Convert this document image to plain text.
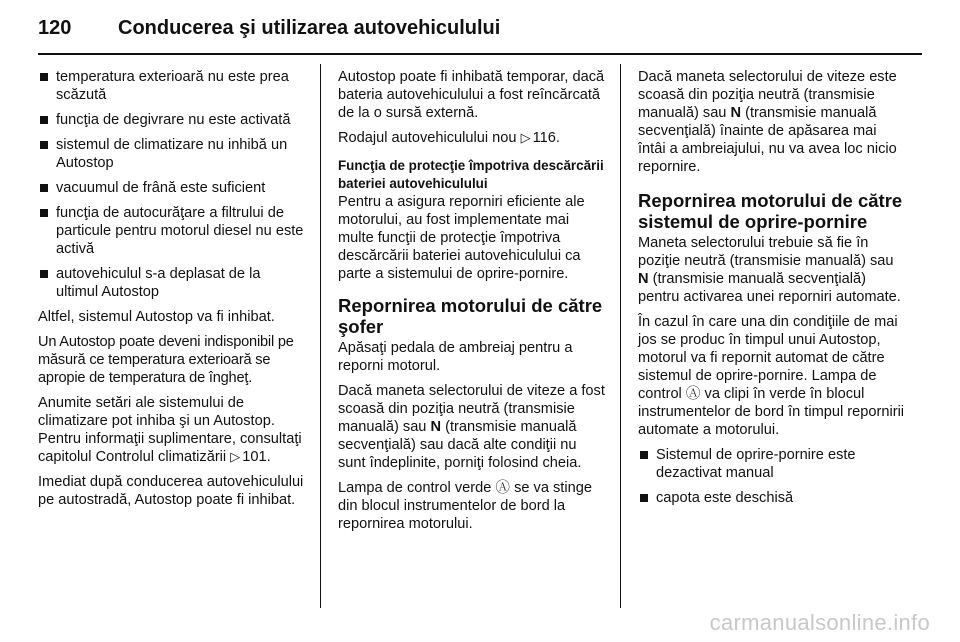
120	Conducerea şi utilizarea autovehiculului
temperatura exterioară nu este prea scăzută
funcţia de degivrare nu este activată
sistemul de climatizare nu inhibă un Autostop
vacuumul de frână este suficient
funcţia de autocurăţare a filtrului de particule pentru motorul diesel nu este activă
autovehiculul s-a deplasat de la ultimul Autostop

Altfel, sistemul Autostop va fi inhibat.

Un Autostop poate deveni indisponibil pe măsură ce temperatura exterioară se apropie de temperatura de îngheţ.

Anumite setări ale sistemului de climatizare pot inhiba şi un Autostop. Pentru informaţii suplimentare, consultaţi capitolul Controlul climatizării ▷ 101.

Imediat după conducerea autovehiculului pe autostradă, Autostop poate fi inhibat.

Autostop poate fi inhibată temporar, dacă bateria autovehiculului a fost reîncărcată de la o sursă externă.

Rodajul autovehiculului nou ▷ 116.

Funcţia de protecţie împotriva descărcării bateriei autovehiculului

Pentru a asigura reporniri eficiente ale motorului, au fost implementate mai multe funcţii de protecţie împotriva descărcării bateriei autovehiculului ca parte a sistemului de oprire-pornire.

Repornirea motorului de către şofer

Apăsaţi pedala de ambreiaj pentru a reporni motorul.

Dacă maneta selectorului de viteze a fost scoasă din poziţia neutră (transmisie manuală) sau N (transmisie manuală secvenţială) sau dacă alte condiţii nu sunt îndeplinite, porniţi folosind cheia.

Lampa de control verde Ⓐ se va stinge din blocul instrumentelor de bord la repornirea motorului.

Dacă maneta selectorului de viteze este scoasă din poziţia neutră (transmisie manuală) sau N (transmisie manuală secvenţială) înainte de apăsarea mai întâi a ambreiajului, nu va avea loc nicio repornire.

Repornirea motorului de către sistemul de oprire-pornire

Maneta selectorului trebuie să fie în poziţie neutră (transmisie manuală) sau N (transmisie manuală secvenţială) pentru activarea unei reporniri automate.

În cazul în care una din condiţiile de mai jos se produc în timpul unui Autostop, motorul va fi repornit automat de către sistemul de oprire-pornire. Lampa de control Ⓐ va clipi în verde în blocul instrumentelor de bord în timpul repornirii automate a motorului.

Sistemul de oprire-pornire este dezactivat manual
capota este deschisă
carmanualsonline.info
